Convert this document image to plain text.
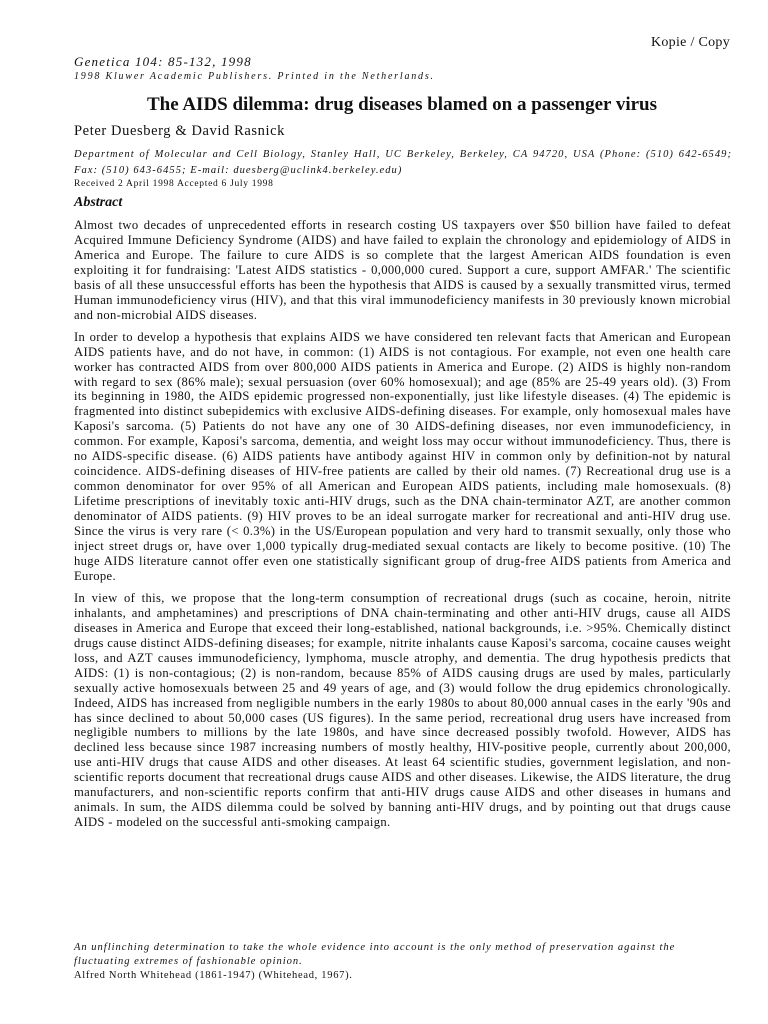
Kopie / Copy
Genetica 104: 85-132, 1998
1998 Kluwer Academic Publishers. Printed in the Netherlands.
The AIDS dilemma: drug diseases blamed on a passenger virus
Peter Duesberg & David Rasnick
Department of Molecular and Cell Biology, Stanley Hall, UC Berkeley, Berkeley, CA 94720, USA (Phone: (510) 642-6549; Fax: (510) 643-6455; E-mail: duesberg@uclink4.berkeley.edu)
Received 2 April 1998 Accepted 6 July 1998
Abstract

Almost two decades of unprecedented efforts in research costing US taxpayers over $50 billion have failed to defeat Acquired Immune Deficiency Syndrome (AIDS) and have failed to explain the chronology and epidemiology of AIDS in America and Europe. The failure to cure AIDS is so complete that the largest American AIDS foundation is even exploiting it for fundraising: 'Latest AIDS statistics - 0,000,000 cured. Support a cure, support AMFAR.' The scientific basis of all these unsuccessful efforts has been the hypothesis that AIDS is caused by a sexually transmitted virus, termed Human immunodeficiency virus (HIV), and that this viral immunodeficiency manifests in 30 previously known microbial and non-microbial AIDS diseases.

In order to develop a hypothesis that explains AIDS we have considered ten relevant facts that American and European AIDS patients have, and do not have, in common: (1) AIDS is not contagious. For example, not even one health care worker has contracted AIDS from over 800,000 AIDS patients in America and Europe. (2) AIDS is highly non-random with regard to sex (86% male); sexual persuasion (over 60% homosexual); and age (85% are 25-49 years old). (3) From its beginning in 1980, the AIDS epidemic progressed non-exponentially, just like lifestyle diseases. (4) The epidemic is fragmented into distinct subepidemics with exclusive AIDS-defining diseases. For example, only homosexual males have Kaposi's sarcoma. (5) Patients do not have any one of 30 AIDS-defining diseases, nor even immunodeficiency, in common. For example, Kaposi's sarcoma, dementia, and weight loss may occur without immunodeficiency. Thus, there is no AIDS-specific disease. (6) AIDS patients have antibody against HIV in common only by definition-not by natural coincidence. AIDS-defining diseases of HIV-free patients are called by their old names. (7) Recreational drug use is a common denominator for over 95% of all American and European AIDS patients, including male homosexuals. (8) Lifetime prescriptions of inevitably toxic anti-HIV drugs, such as the DNA chain-terminator AZT, are another common denominator of AIDS patients. (9) HIV proves to be an ideal surrogate marker for recreational and anti-HIV drug use. Since the virus is very rare (< 0.3%) in the US/European population and very hard to transmit sexually, only those who inject street drugs or, have over 1,000 typically drug-mediated sexual contacts are likely to become positive. (10) The huge AIDS literature cannot offer even one statistically significant group of drug-free AIDS patients from America and Europe.

In view of this, we propose that the long-term consumption of recreational drugs (such as cocaine, heroin, nitrite inhalants, and amphetamines) and prescriptions of DNA chain-terminating and other anti-HIV drugs, cause all AIDS diseases in America and Europe that exceed their long-established, national backgrounds, i.e. >95%. Chemically distinct drugs cause distinct AIDS-defining diseases; for example, nitrite inhalants cause Kaposi's sarcoma, cocaine causes weight loss, and AZT causes immunodeficiency, lymphoma, muscle atrophy, and dementia. The drug hypothesis predicts that AIDS: (1) is non-contagious; (2) is non-random, because 85% of AIDS causing drugs are used by males, particularly sexually active homosexuals between 25 and 49 years of age, and (3) would follow the drug epidemics chronologically. Indeed, AIDS has increased from negligible numbers in the early 1980s to about 80,000 annual cases in the early '90s and has since declined to about 50,000 cases (US figures). In the same period, recreational drug users have increased from negligible numbers to millions by the late 1980s, and have since decreased possibly twofold. However, AIDS has declined less because since 1987 increasing numbers of mostly healthy, HIV-positive people, currently about 200,000, use anti-HIV drugs that cause AIDS and other diseases. At least 64 scientific studies, government legislation, and non-scientific reports document that recreational drugs cause AIDS and other diseases. Likewise, the AIDS literature, the drug manufacturers, and non-scientific reports confirm that anti-HIV drugs cause AIDS and other diseases in humans and animals. In sum, the AIDS dilemma could be solved by banning anti-HIV drugs, and by pointing out that drugs cause AIDS - modeled on the successful anti-smoking campaign.

An unflinching determination to take the whole evidence into account is the only method of preservation against the fluctuating extremes of fashionable opinion.
Alfred North Whitehead (1861-1947) (Whitehead, 1967).
